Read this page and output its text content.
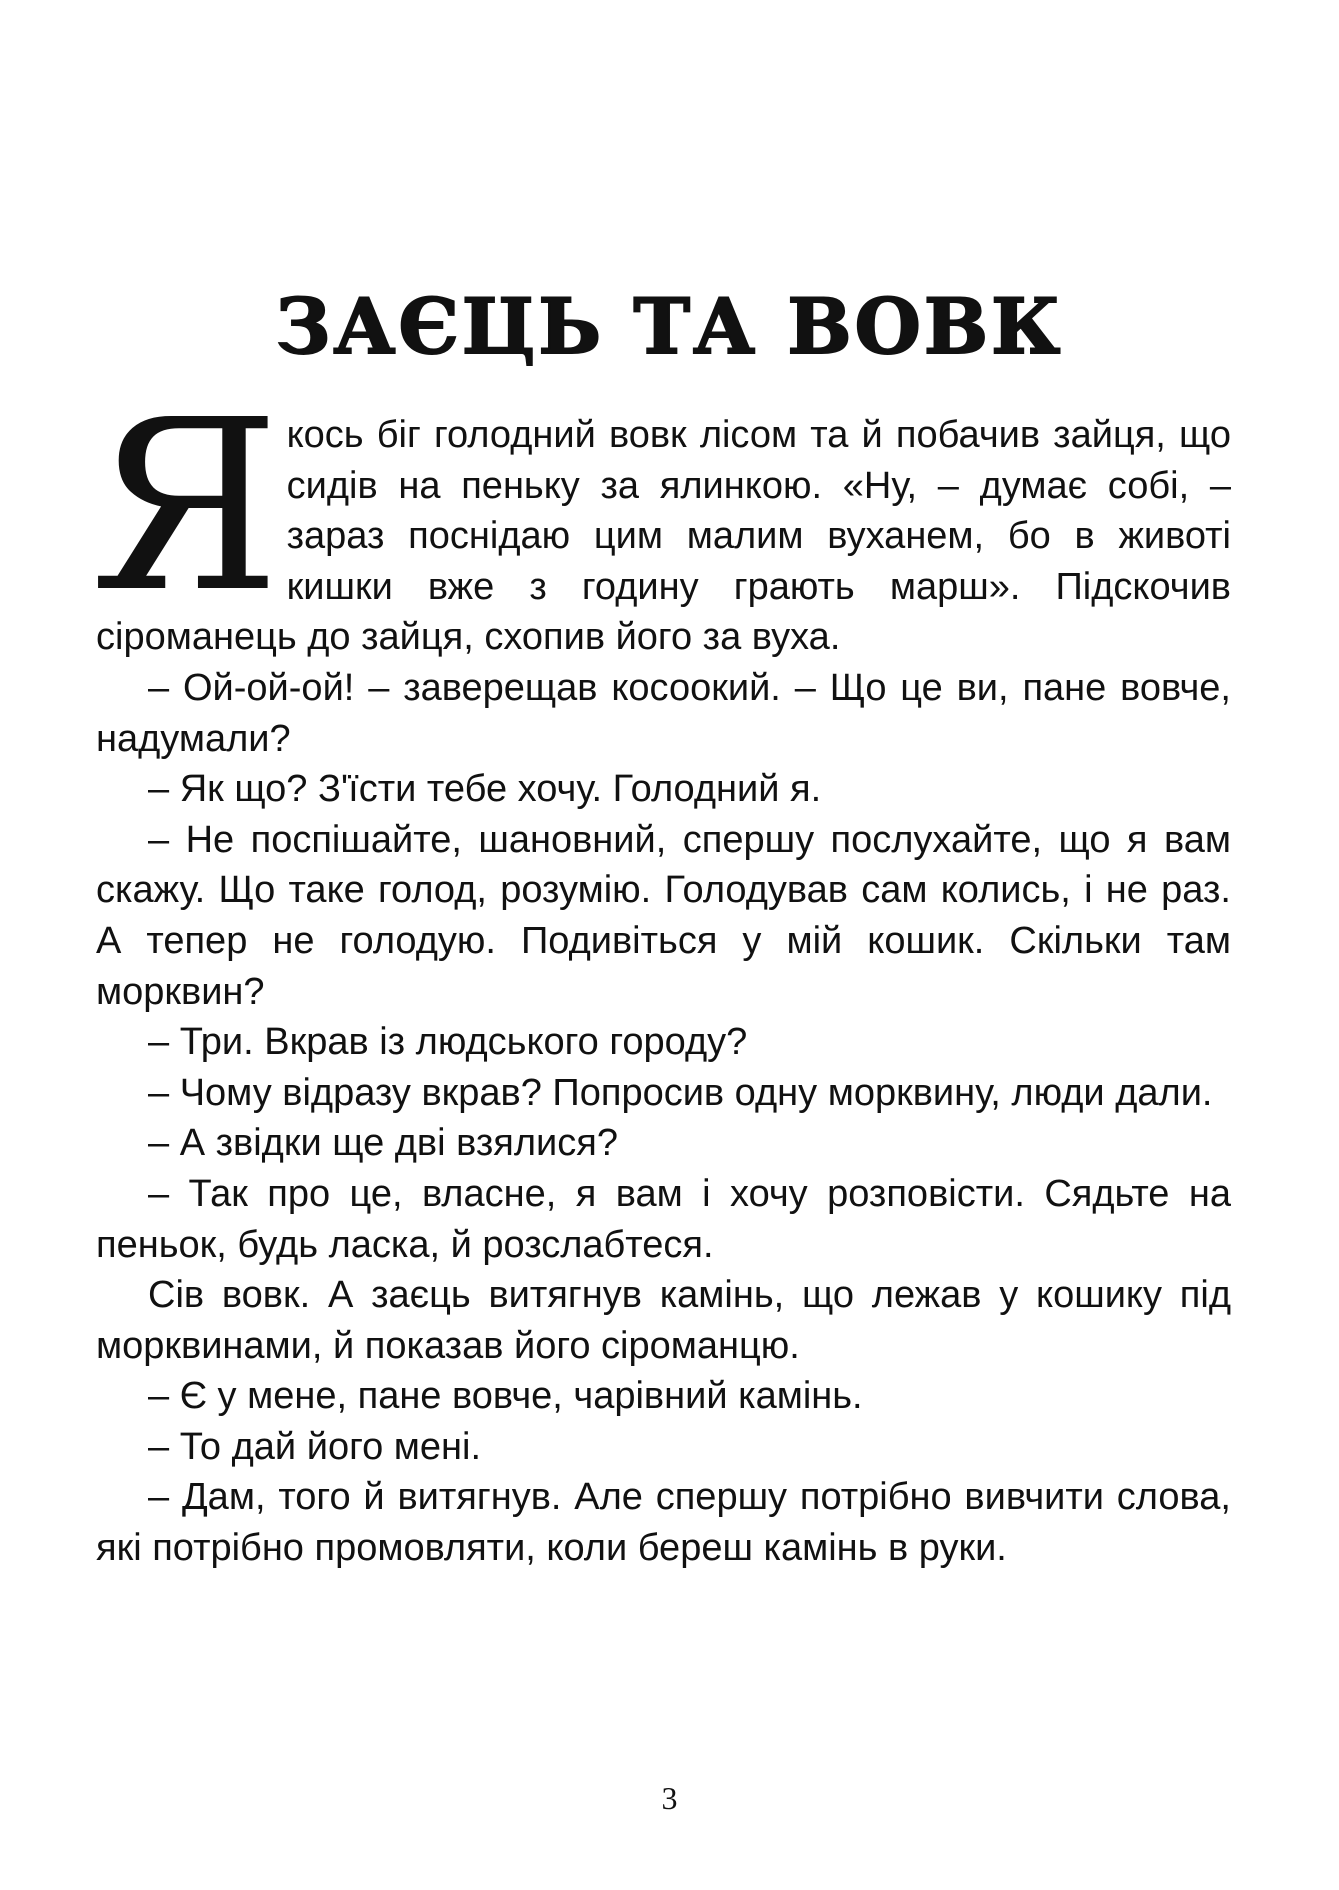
ЗАЄЦЬ ТА ВОВК

Якось біг голодний вовк лісом та й побачив зайця, що сидів на пеньку за ялинкою. «Ну, – думає собі, – зараз поснідаю цим малим вуханем, бо в животі кишки вже з годину грають марш». Підскочив сіроманець до зайця, схопив його за вуха.

– Ой-ой-ой! – заверещав косоокий. – Що це ви, пане вовче, надумали?

– Як що? З'їсти тебе хочу. Голодний я.

– Не поспішайте, шановний, спершу послухайте, що я вам скажу. Що таке голод, розумію. Голодував сам колись, і не раз. А тепер не голодую. Подивіться у мій кошик. Скільки там морквин?

– Три. Вкрав із людського городу?

– Чому відразу вкрав? Попросив одну морквину, люди дали.

– А звідки ще дві взялися?

– Так про це, власне, я вам і хочу розповісти. Сядьте на пеньок, будь ласка, й розслабтеся.

Сів вовк. А заєць витягнув камінь, що лежав у кошику під морквинами, й показав його сіроманцю.

– Є у мене, пане вовче, чарівний камінь.

– То дай його мені.

– Дам, того й витягнув. Але спершу потрібно вивчити слова, які потрібно промовляти, коли береш камінь в руки.

3
